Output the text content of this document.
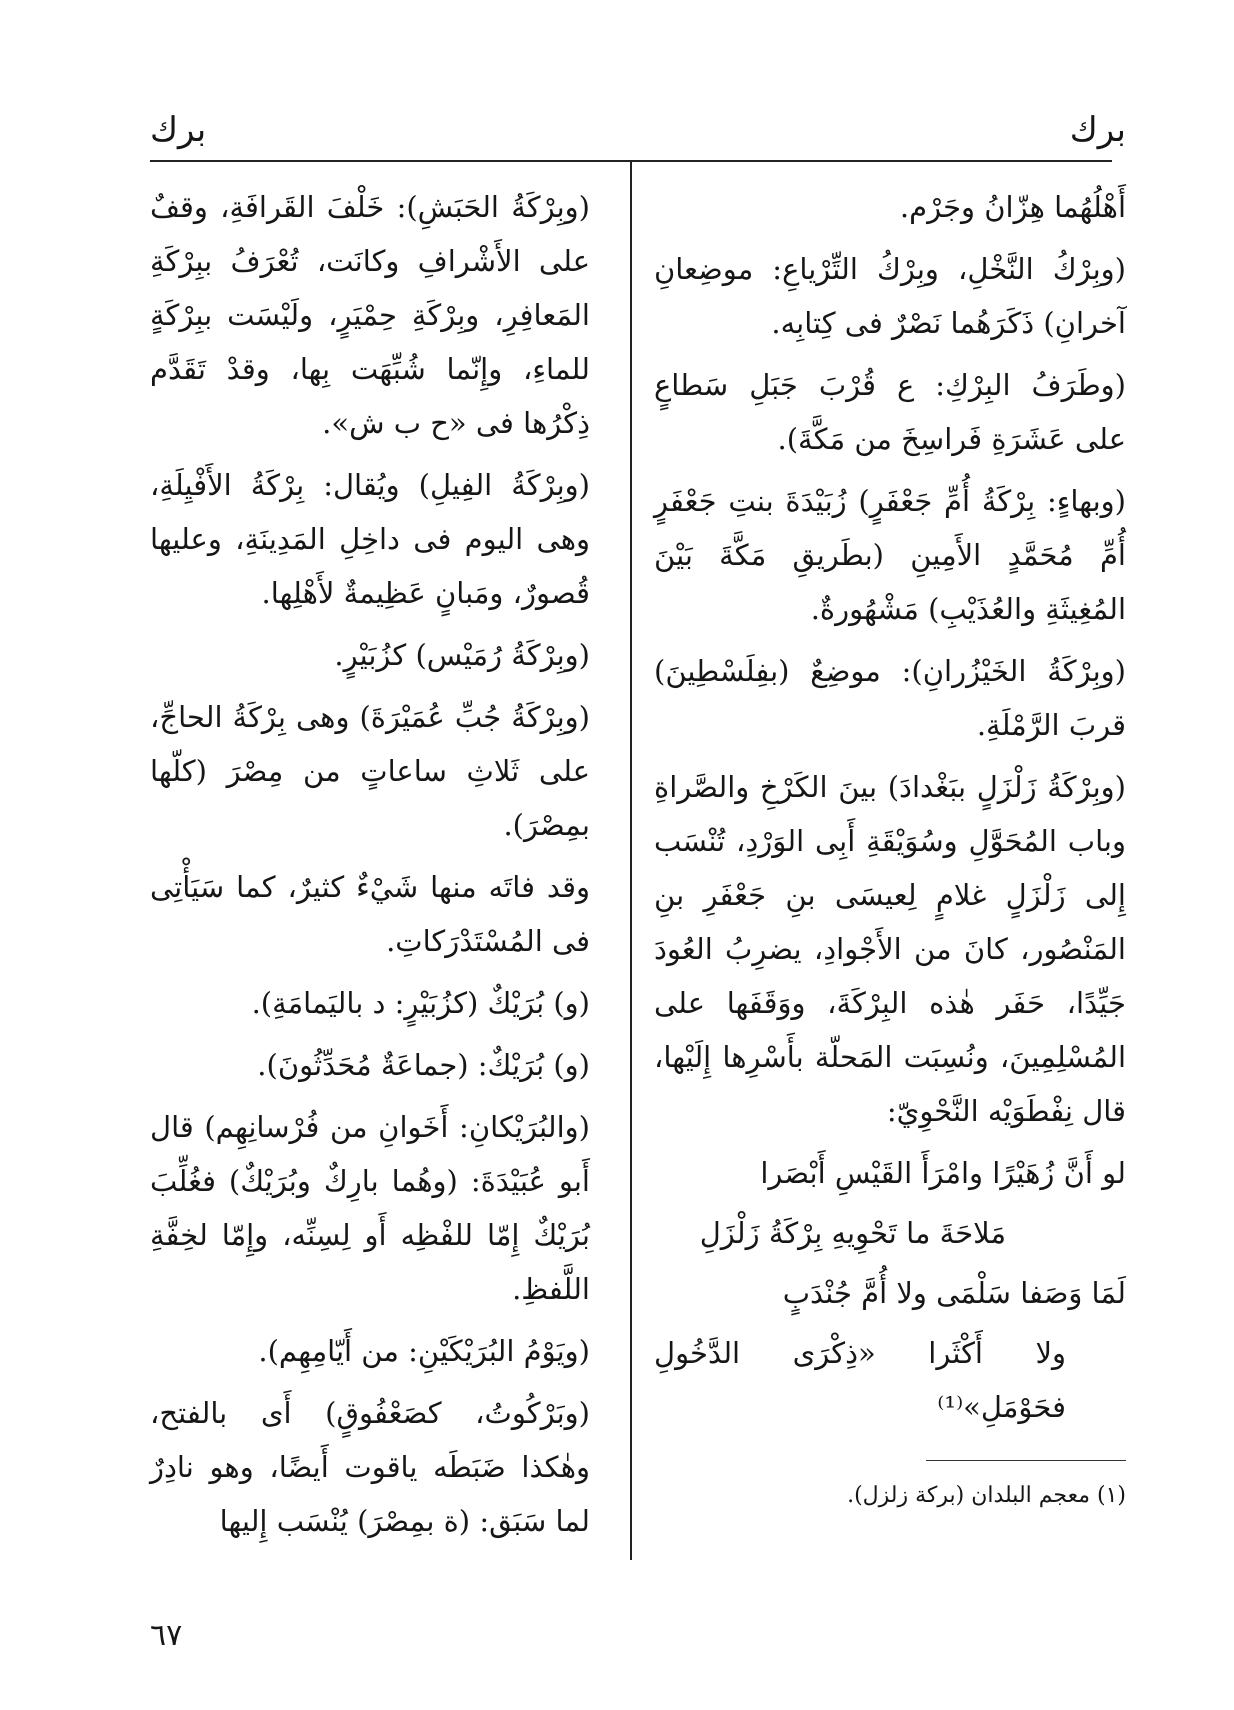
برك
برك

أَهْلُهُما هِزّانُ وجَرْم.

(وبِرْكُ النَّخْلِ، وبِرْكُ التِّرْياعِ: موضِعانِ آخرانِ) ذَكَرَهُما نَصْرٌ فى كِتابِه.

(وطَرَفُ البِرْكِ: ع قُرْبَ جَبَلِ سَطاعٍ على عَشَرَةِ فَراسِخَ من مَكَّةَ).

(وبهاءٍ: بِرْكَةُ أُمِّ جَعْفَرٍ) زُبَيْدَةَ بنتِ جَعْفَرٍ أُمِّ مُحَمَّدٍ الأَمِينِ (بطَريقِ مَكَّةَ بَيْنَ المُغِيثَةِ والعُذَيْبِ) مَشْهُورةٌ.

(وبِرْكَةُ الخَيْزُرانِ): موضِعٌ (بفِلَسْطِينَ) قربَ الرَّمْلَةِ.

(وبِرْكَةُ زَلْزَلٍ ببَغْدادَ) بينَ الكَرْخِ والصَّراةِ وباب المُحَوَّلِ وسُوَيْقَةِ أَبِى الوَرْدِ، تُنْسَب إِلى زَلْزَلٍ غلامٍ لِعيسَى بنِ جَعْفَرِ بنِ المَنْصُور، كانَ من الأَجْوادِ، يضرِبُ العُودَ جَيِّدًا، حَفَر هٰذه البِرْكَةَ، ووَقَفَها على المُسْلِمِينَ، ونُسِبَت المَحلّة بأَسْرِها إِلَيْها، قال نِفْطَوَيْه النَّحْوِيّ:

لو أَنَّ زُهَيْرًا وامْرَأَ القَيْسِ أَبْصَرا
مَلاحَةَ ما تَحْوِيهِ بِرْكَةُ زَلْزَلِ
لَمَا وَصَفا سَلْمَى ولا أُمَّ جُنْدَبٍ
ولا أَكْثَرا «ذِكْرَى الدَّخُولِ فحَوْمَلِ»⁽¹⁾
(١) معجم البلدان (بركة زلزل).

(وبِرْكَةُ الحَبَشِ): خَلْفَ القَرافَةِ، وقفٌ على الأَشْرافِ وكانَت، تُعْرَفُ ببِرْكَةِ المَعافِرِ، وبِرْكَةِ حِمْيَرٍ، ولَيْسَت ببِرْكَةٍ للماءِ، وإِنّما شُبِّهَت بِها، وقدْ تَقَدَّم ذِكْرُها فى «ح ب ش».

(وبِرْكَةُ الفِيلِ) ويُقال: بِرْكَةُ الأَفْيِلَةِ، وهى اليوم فى داخِلِ المَدِينَةِ، وعليها قُصورٌ، ومَبانٍ عَظِيمةٌ لأَهْلِها.

(وبِرْكَةُ رُمَيْس) كزُبَيْرٍ.

(وبِرْكَةُ جُبِّ عُمَيْرَةَ) وهى بِرْكَةُ الحاجِّ، على ثَلاثِ ساعاتٍ من مِصْرَ (كلّها بمِصْرَ).

وقد فاتَه منها شَيْءٌ كثيرٌ، كما سَيَأْتِى فى المُسْتَدْرَكاتِ.

(و) بُرَيْكٌ (كزُبَيْرٍ: د باليَمامَةِ).

(و) بُرَيْكٌ: (جماعَةٌ مُحَدِّثُونَ).

(والبُرَيْكانِ: أَخَوانِ من فُرْسانِهِم) قال أَبو عُبَيْدَةَ: (وهُما بارِكٌ وبُرَيْكٌ) فغُلِّبَ بُرَيْكٌ إِمّا للفْظِه أَو لِسِنِّه، وإِمّا لخِفَّةِ اللَّفظِ.

(ويَوْمُ البُرَيْكَيْنِ: من أَيّامِهِم).

(وبَرْكُوتُ، كصَعْفُوقٍ) أَى بالفتح، وهٰكذا ضَبَطَه ياقوت أَيضًا، وهو نادِرٌ لما سَبَق: (ة بمِصْرَ) يُنْسَب إِليها

٦٧
